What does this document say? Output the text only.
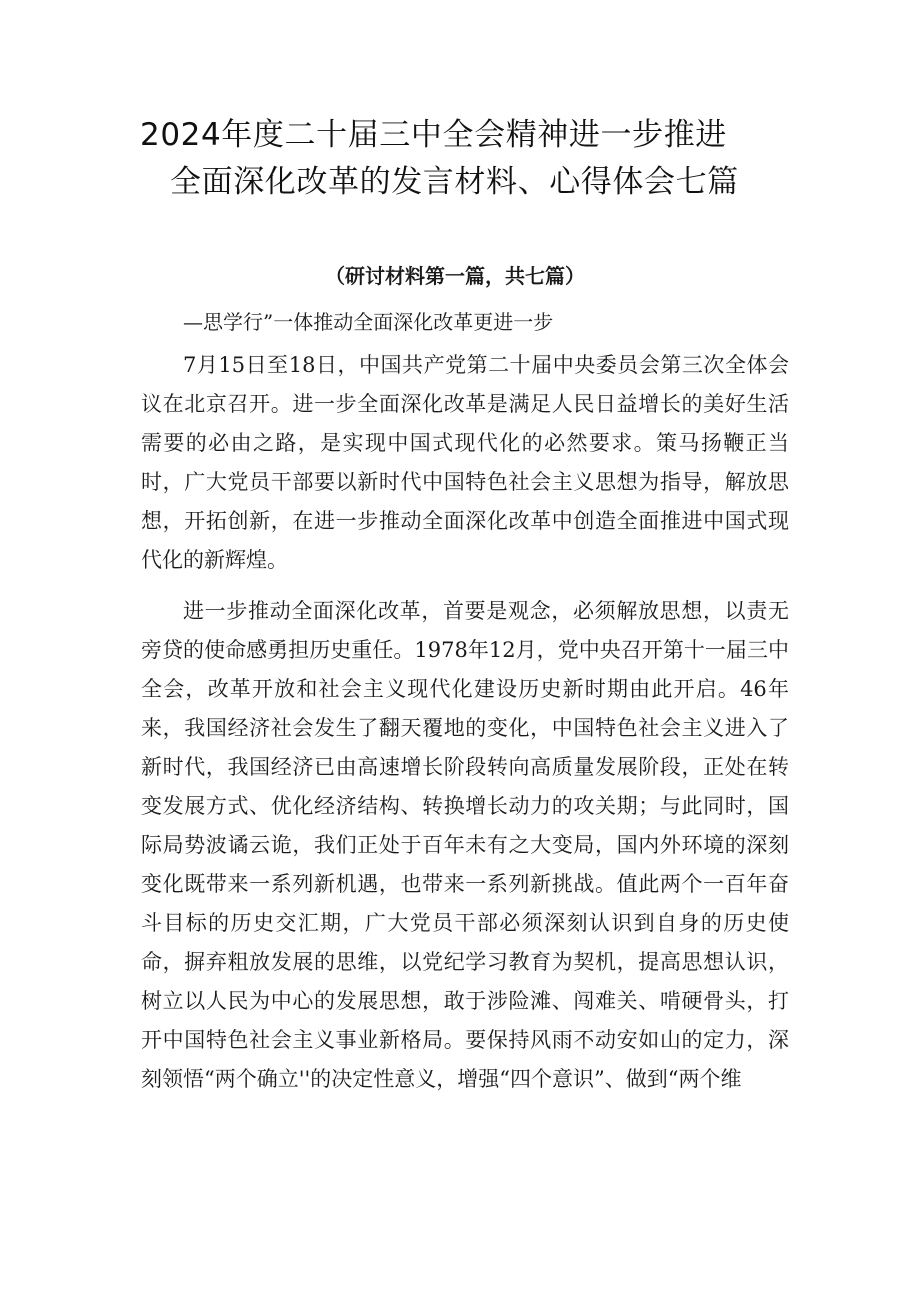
2024年度二十届三中全会精神进一步推进
全面深化改革的发言材料、心得体会七篇
（研讨材料第一篇，共七篇）
—思学行”一体推动全面深化改革更进一步

7月15日至18日，中国共产党第二十届中央委员会第三次全体会议在北京召开。进一步全面深化改革是满足人民日益增长的美好生活需要的必由之路，是实现中国式现代化的必然要求。策马扬鞭正当时，广大党员干部要以新时代中国特色社会主义思想为指导，解放思想，开拓创新，在进一步推动全面深化改革中创造全面推进中国式现代化的新辉煌。

进一步推动全面深化改革，首要是观念，必须解放思想，以责无旁贷的使命感勇担历史重任。1978年12月，党中央召开第十一届三中全会，改革开放和社会主义现代化建设历史新时期由此开启。46年来，我国经济社会发生了翻天覆地的变化，中国特色社会主义进入了新时代，我国经济已由高速增长阶段转向高质量发展阶段，正处在转变发展方式、优化经济结构、转换增长动力的攻关期；与此同时，国际局势波谲云诡，我们正处于百年未有之大变局，国内外环境的深刻变化既带来一系列新机遇，也带来一系列新挑战。值此两个一百年奋斗目标的历史交汇期，广大党员干部必须深刻认识到自身的历史使命，摒弃粗放发展的思维，以党纪学习教育为契机，提高思想认识，树立以人民为中心的发展思想，敢于涉险滩、闯难关、啃硬骨头，打开中国特色社会主义事业新格局。要保持风雨不动安如山的定力，深刻领悟“两个确立''的决定性意义，增强“四个意识”、做到“两个维
